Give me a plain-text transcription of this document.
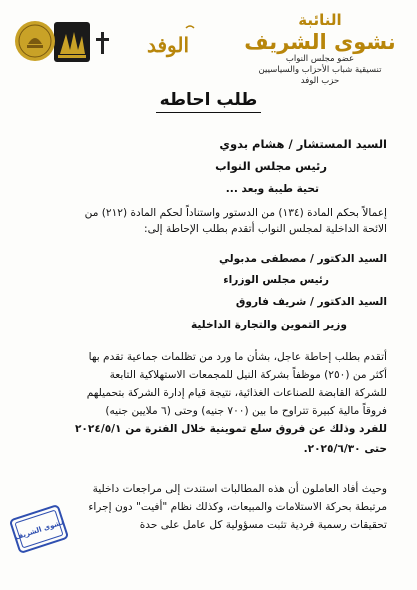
النائبة
نشوى الشريف
عضو مجلس النواب
تنسيقية شباب الأحزاب والسياسيين
حزب الوفد
الوفد
طلب احاطه
السيد المستشار / هشام بدوي
رئيس مجلس النواب
تحية طيبة وبعد ...
إعمالاً بحكم المادة (١٣٤) من الدستور واستناداً لحكم المادة (٢١٢) من
الائحة الداخلية لمجلس النواب أتقدم بطلب الإحاطة إلى:
السيد الدكتور / مصطفى مدبولي
رئيس مجلس الوزراء
السيد الدكتور / شريف فاروق
وزير التموين والتجارة الداخلية
أتقدم بطلب إحاطة عاجل، بشأن ما ورد من تظلمات جماعية تقدم بها
أكثر من (٢٥٠) موظفاً بشركة النيل للمجمعات الاستهلاكية التابعة
للشركة القابضة للصناعات الغذائية، نتيجة قيام إدارة الشركة بتحميلهم
فروقاً مالية كبيرة تتراوح ما بين (٧٠٠ جنيه) وحتى (٦ ملايين جنيه)
للفرد وذلك عن فروق سلع تموينية خلال الفترة من ٢٠٢٤/٥/١
حتى ٢٠٢٥/٦/٣٠.
وحيث أفاد العاملون أن هذه المطالبات استندت إلى مراجعات داخلية
مرتبطة بحركة الاستلامات والمبيعات، وكذلك نظام "أفيت" دون إجراء
تحقيقات رسمية فردية تثبت مسؤولية كل عامل على حدة
نشوى الشريف
